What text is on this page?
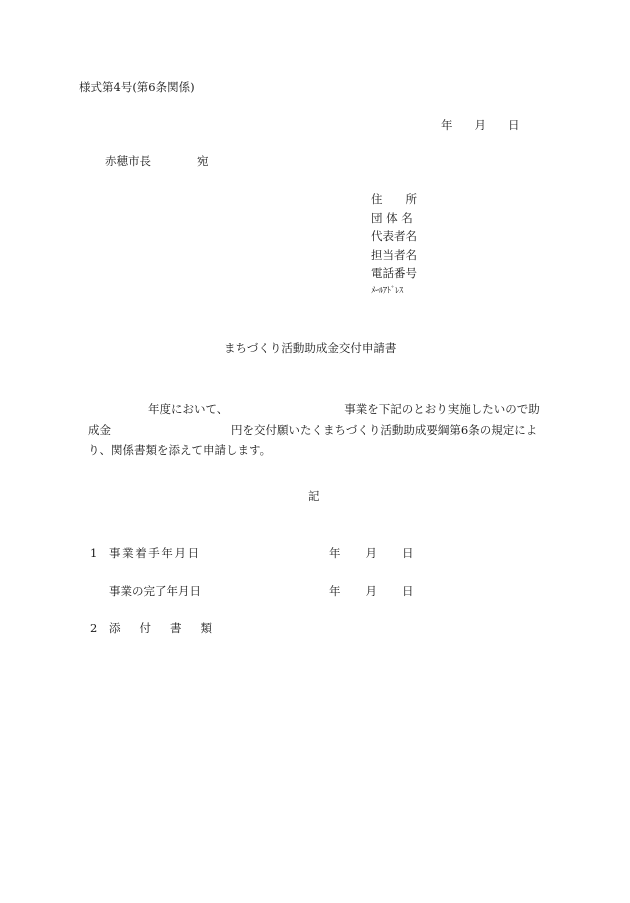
様式第4号(第6条関係)
年 月 日
赤穂市長	宛
住　　所
団 体 名
代表者名
担当者名
電話番号
ﾒｰﾙｱﾄﾞﾚｽ
まちづくり活動助成金交付申請書
年度において、	事業を下記のとおり実施したいので助
成金	円を交付願いたくまちづくり活動助成要綱第6条の規定によ
り、関係書類を添えて申請します。
記
1 事業着手年月日	年 月 日
事業の完了年月日	年 月 日
2 添付書類
